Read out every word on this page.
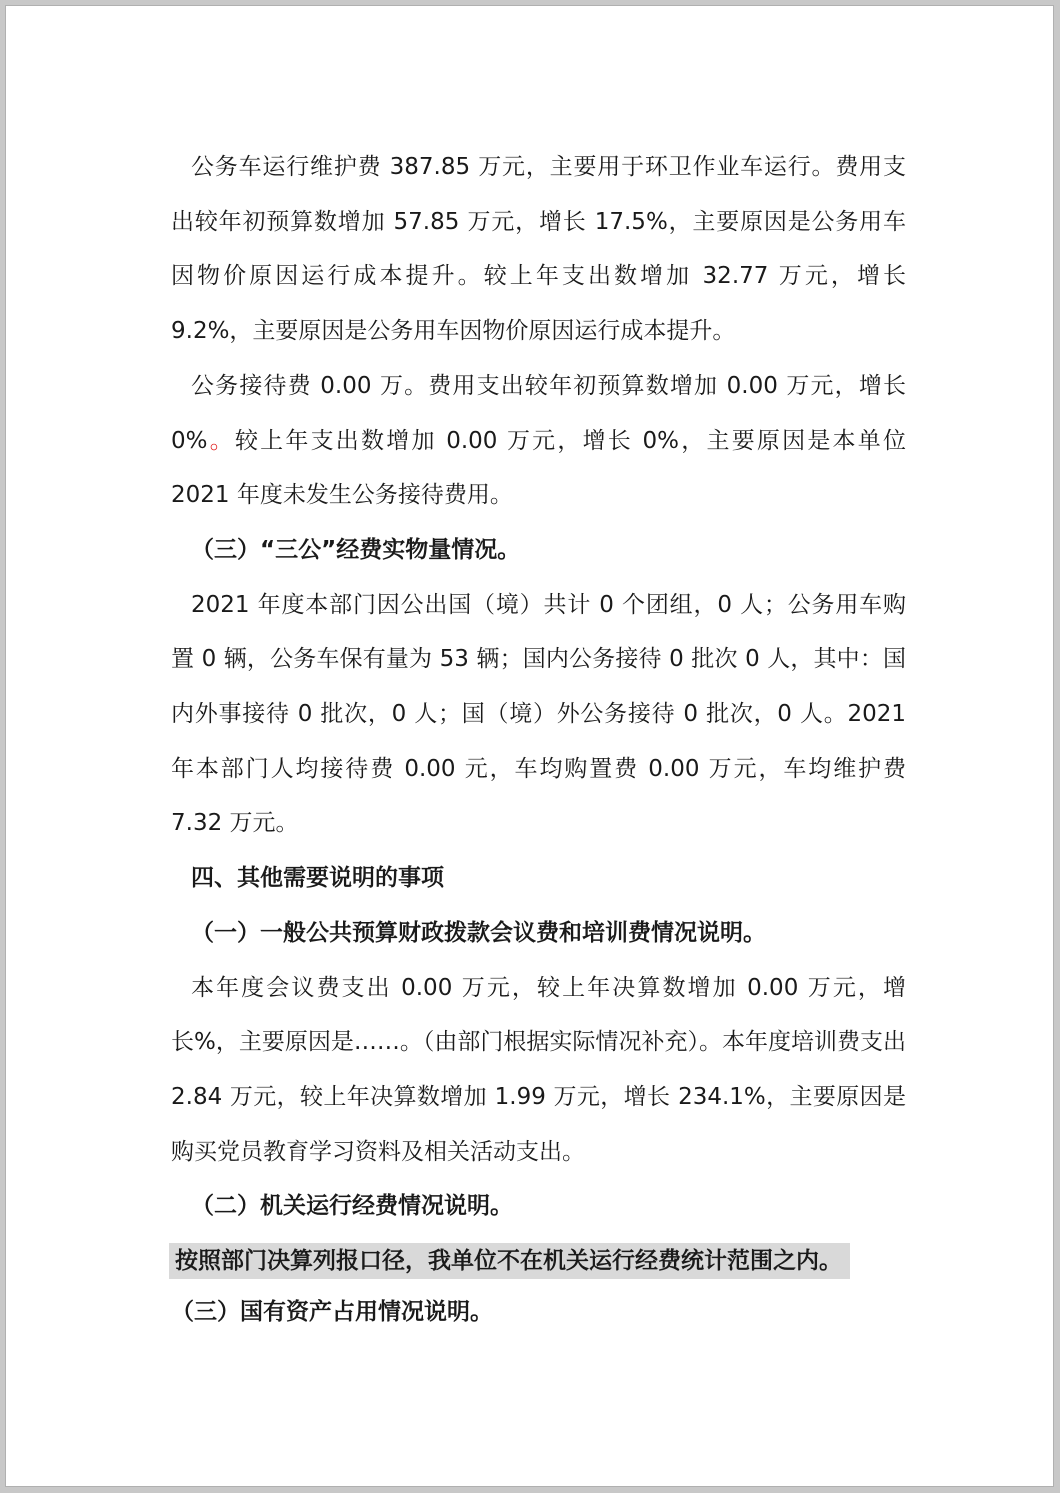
公务车运行维护费 387.85 万元，主要用于环卫作业车运行。费用支出较年初预算数增加 57.85 万元，增长 17.5%，主要原因是公务用车因物价原因运行成本提升。较上年支出数增加 32.77 万元，增长 9.2%，主要原因是公务用车因物价原因运行成本提升。

公务接待费 0.00 万。费用支出较年初预算数增加 0.00 万元，增长 0%。较上年支出数增加 0.00 万元，增长 0%，主要原因是本单位 2021 年度未发生公务接待费用。

（三）“三公”经费实物量情况。

2021 年度本部门因公出国（境）共计 0 个团组，0 人；公务用车购置 0 辆，公务车保有量为 53 辆；国内公务接待 0 批次 0 人，其中：国内外事接待 0 批次，0 人；国（境）外公务接待 0 批次，0 人。2021 年本部门人均接待费 0.00 元，车均购置费 0.00 万元，车均维护费 7.32 万元。

四、其他需要说明的事项

（一）一般公共预算财政拨款会议费和培训费情况说明。

本年度会议费支出 0.00 万元，较上年决算数增加 0.00 万元，增长%，主要原因是……。（由部门根据实际情况补充）。本年度培训费支出 2.84 万元，较上年决算数增加 1.99 万元，增长 234.1%，主要原因是购买党员教育学习资料及相关活动支出。

（二）机关运行经费情况说明。

按照部门决算列报口径，我单位不在机关运行经费统计范围之内。

（三）国有资产占用情况说明。
